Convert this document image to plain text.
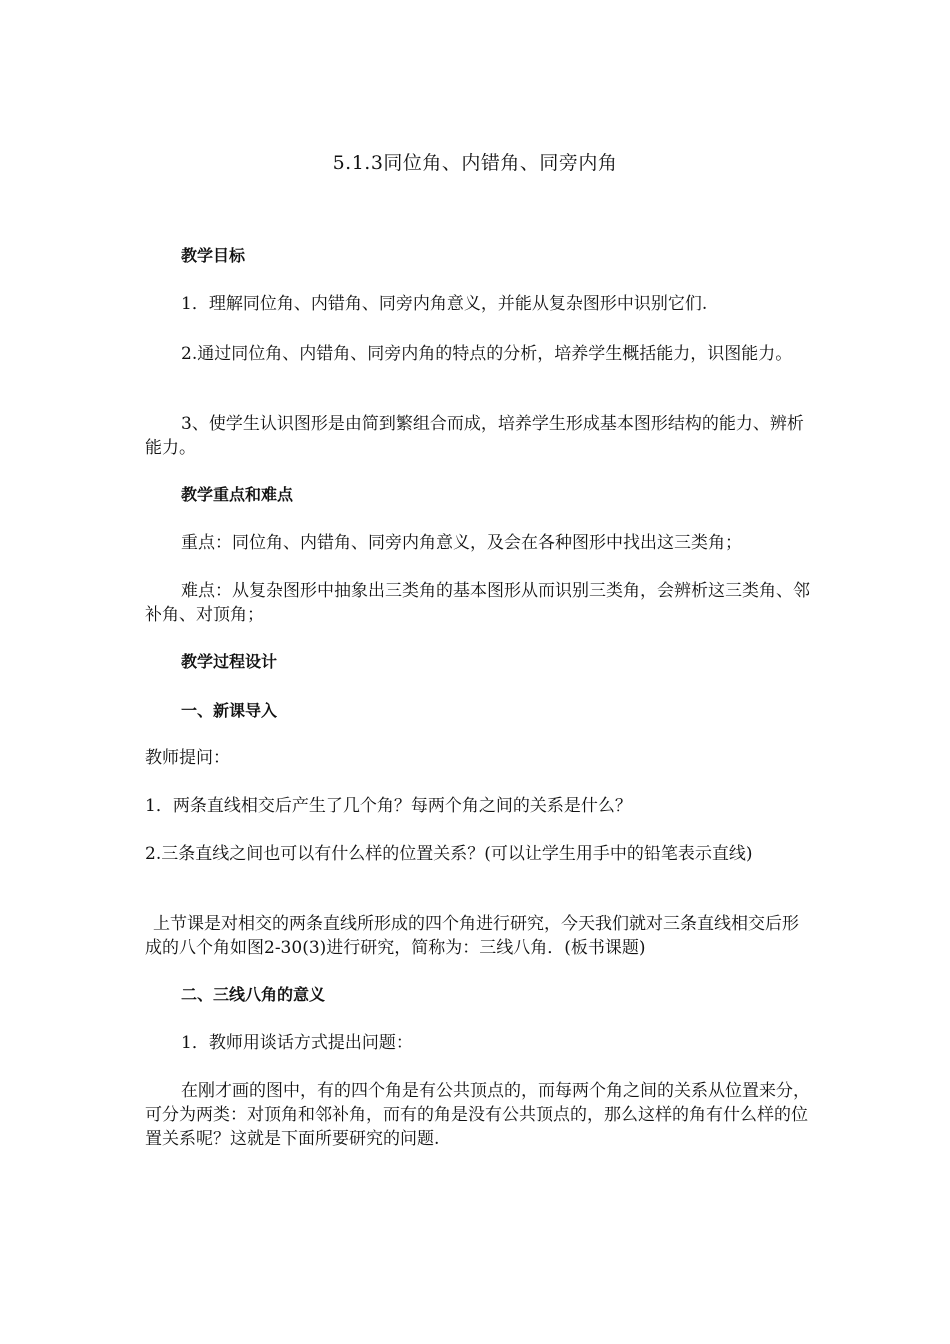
5.1.3同位角、内错角、同旁内角
教学目标
1．理解同位角、内错角、同旁内角意义，并能从复杂图形中识别它们.
2.通过同位角、内错角、同旁内角的特点的分析，培养学生概括能力，识图能力。
3、使学生认识图形是由简到繁组合而成，培养学生形成基本图形结构的能力、辨析能力。
教学重点和难点
重点：同位角、内错角、同旁内角意义，及会在各种图形中找出这三类角；
难点：从复杂图形中抽象出三类角的基本图形从而识别三类角，会辨析这三类角、邻补角、对顶角；
教学过程设计
一、新课导入
教师提问：
1．两条直线相交后产生了几个角？每两个角之间的关系是什么？
2.三条直线之间也可以有什么样的位置关系？(可以让学生用手中的铅笔表示直线)
上节课是对相交的两条直线所形成的四个角进行研究，今天我们就对三条直线相交后形成的八个角如图2-30(3)进行研究，简称为：三线八角．(板书课题)
二、三线八角的意义
1．教师用谈话方式提出问题：
在刚才画的图中，有的四个角是有公共顶点的，而每两个角之间的关系从位置来分，可分为两类：对顶角和邻补角，而有的角是没有公共顶点的，那么这样的角有什么样的位置关系呢？这就是下面所要研究的问题.
